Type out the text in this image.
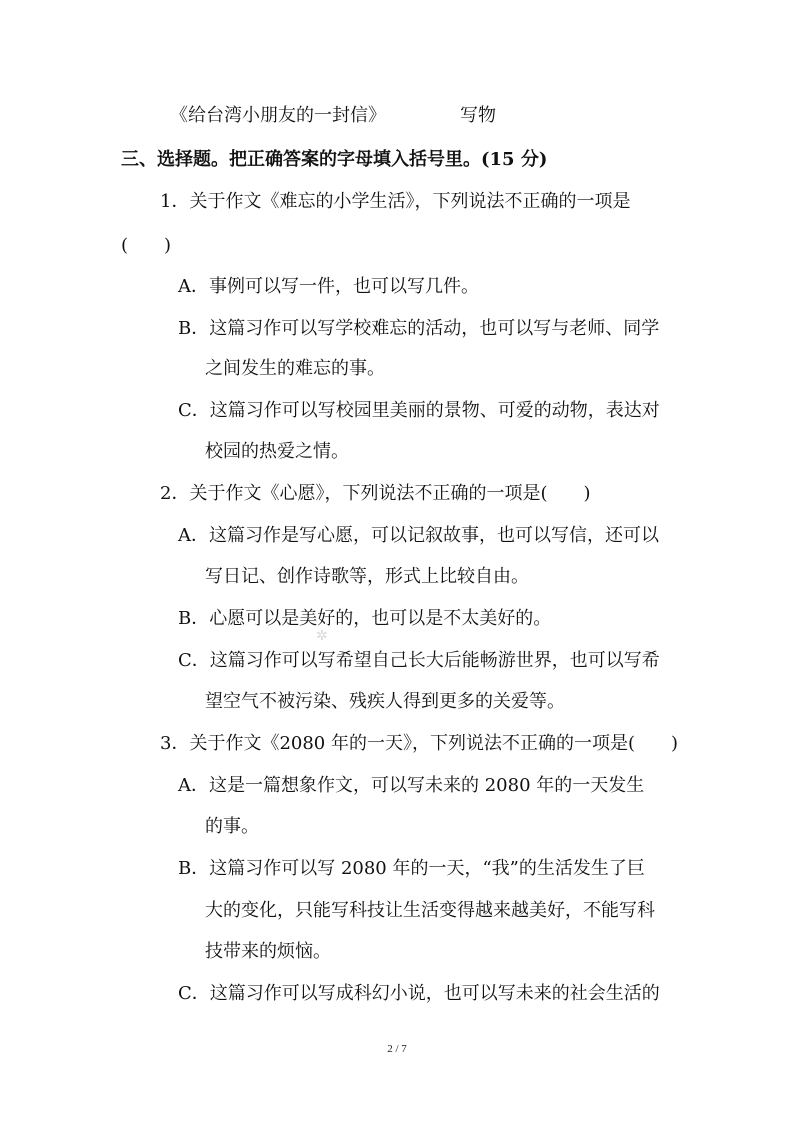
《给台湾小朋友的一封信》	写物
三、选择题。把正确答案的字母填入括号里。(15 分)
1．关于作文《难忘的小学生活》，下列说法不正确的一项是
(　　)
A．事例可以写一件，也可以写几件。
B．这篇习作可以写学校难忘的活动，也可以写与老师、同学
之间发生的难忘的事。
C．这篇习作可以写校园里美丽的景物、可爱的动物，表达对
校园的热爱之情。
2．关于作文《心愿》，下列说法不正确的一项是(　　)
A．这篇习作是写心愿，可以记叙故事，也可以写信，还可以
写日记、创作诗歌等，形式上比较自由。
B．心愿可以是美好的，也可以是不太美好的。
C．这篇习作可以写希望自己长大后能畅游世界，也可以写希
望空气不被污染、残疾人得到更多的关爱等。
3．关于作文《2080 年的一天》，下列说法不正确的一项是(　　)
A．这是一篇想象作文，可以写未来的 2080 年的一天发生
的事。
B．这篇习作可以写 2080 年的一天，“我”的生活发生了巨
大的变化，只能写科技让生活变得越来越美好，不能写科
技带来的烦恼。
C．这篇习作可以写成科幻小说，也可以写未来的社会生活的
✲
2 / 7
